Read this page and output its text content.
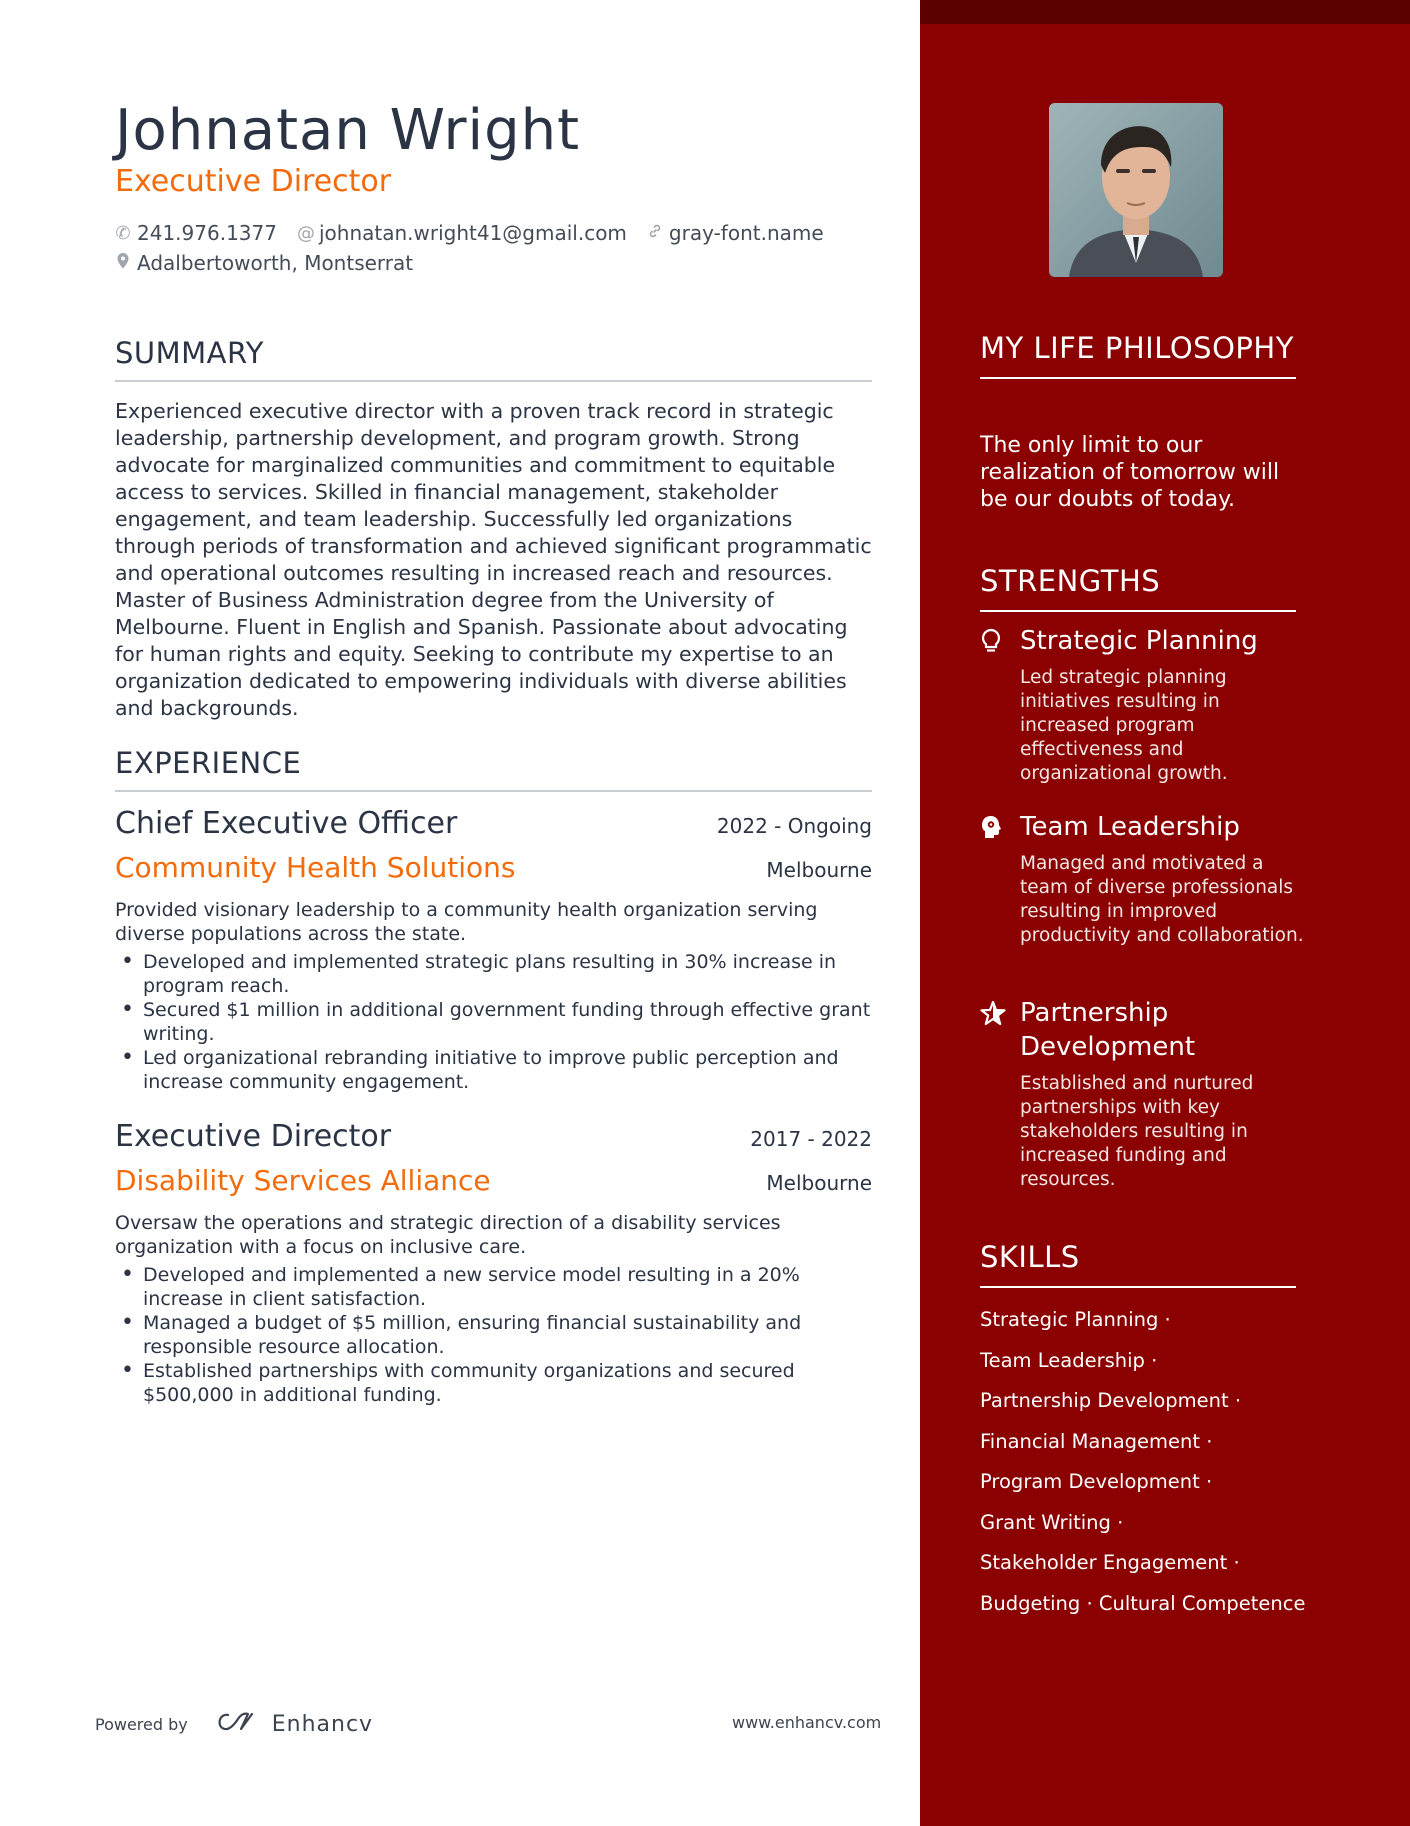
Johnatan Wright
Executive Director
✆ 241.976.1377 @ johnatan.wright41@gmail.com gray-font.name
Adalbertoworth, Montserrat
SUMMARY
Experienced executive director with a proven track record in strategic leadership, partnership development, and program growth. Strong advocate for marginalized communities and commitment to equitable access to services. Skilled in financial management, stakeholder engagement, and team leadership. Successfully led organizations through periods of transformation and achieved significant programmatic and operational outcomes resulting in increased reach and resources. Master of Business Administration degree from the University of Melbourne. Fluent in English and Spanish. Passionate about advocating for human rights and equity. Seeking to contribute my expertise to an organization dedicated to empowering individuals with diverse abilities and backgrounds.
EXPERIENCE
Chief Executive Officer	2022 - Ongoing
Community Health Solutions	Melbourne
Provided visionary leadership to a community health organization serving diverse populations across the state.
• Developed and implemented strategic plans resulting in 30% increase in program reach.
• Secured $1 million in additional government funding through effective grant writing.
• Led organizational rebranding initiative to improve public perception and increase community engagement.
Executive Director	2017 - 2022
Disability Services Alliance	Melbourne
Oversaw the operations and strategic direction of a disability services organization with a focus on inclusive care.
• Developed and implemented a new service model resulting in a 20% increase in client satisfaction.
• Managed a budget of $5 million, ensuring financial sustainability and responsible resource allocation.
• Established partnerships with community organizations and secured $500,000 in additional funding.
Powered by	Enhancv	www.enhancv.com
MY LIFE PHILOSOPHY
The only limit to our realization of tomorrow will be our doubts of today.
STRENGTHS
Strategic Planning
Led strategic planning initiatives resulting in increased program effectiveness and organizational growth.
Team Leadership
Managed and motivated a team of diverse professionals resulting in improved productivity and collaboration.
Partnership Development
Established and nurtured partnerships with key stakeholders resulting in increased funding and resources.
SKILLS
Strategic Planning ·
Team Leadership ·
Partnership Development ·
Financial Management ·
Program Development ·
Grant Writing ·
Stakeholder Engagement ·
Budgeting · Cultural Competence
